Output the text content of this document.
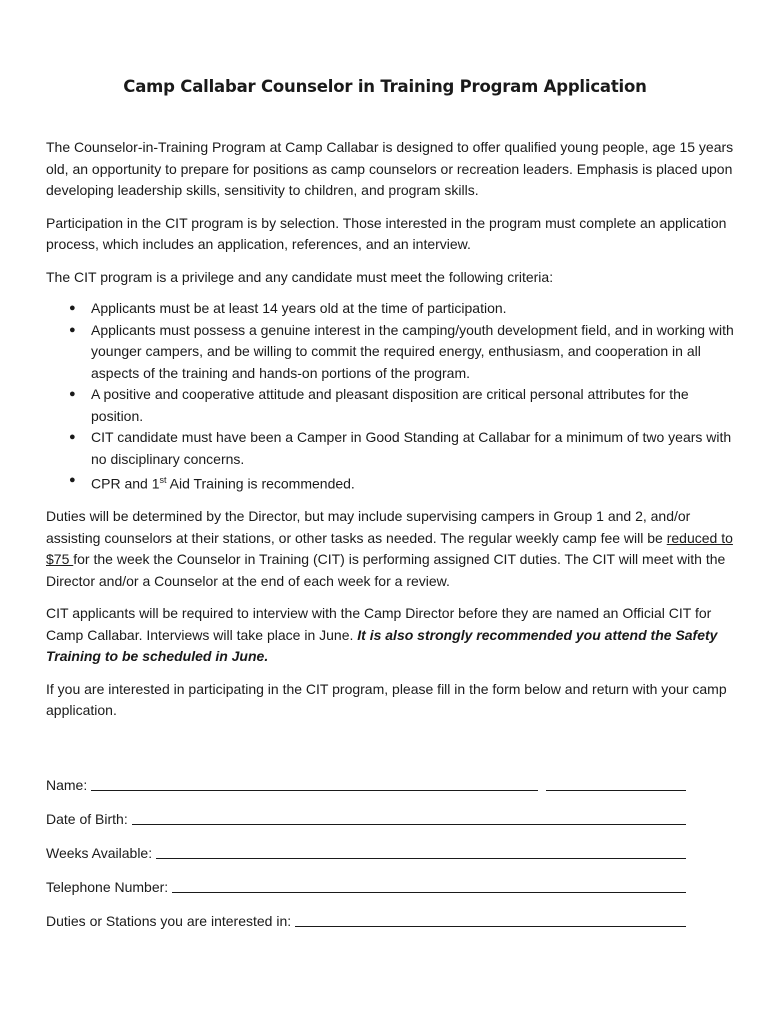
Camp Callabar Counselor in Training Program Application

The Counselor-in-Training Program at Camp Callabar is designed to offer qualified young people, age 15 years old, an opportunity to prepare for positions as camp counselors or recreation leaders. Emphasis is placed upon developing leadership skills, sensitivity to children, and program skills.

Participation in the CIT program is by selection. Those interested in the program must complete an application process, which includes an application, references, and an interview.

The CIT program is a privilege and any candidate must meet the following criteria:

● Applicants must be at least 14 years old at the time of participation.
● Applicants must possess a genuine interest in the camping/youth development field, and in working with younger campers, and be willing to commit the required energy, enthusiasm, and cooperation in all aspects of the training and hands-on portions of the program.
● A positive and cooperative attitude and pleasant disposition are critical personal attributes for the position.
● CIT candidate must have been a Camper in Good Standing at Callabar for a minimum of two years with no disciplinary concerns.
● CPR and 1st Aid Training is recommended.

Duties will be determined by the Director, but may include supervising campers in Group 1 and 2, and/or assisting counselors at their stations, or other tasks as needed. The regular weekly camp fee will be reduced to $75 for the week the Counselor in Training (CIT) is performing assigned CIT duties. The CIT will meet with the Director and/or a Counselor at the end of each week for a review.

CIT applicants will be required to interview with the Camp Director before they are named an Official CIT for Camp Callabar. Interviews will take place in June. It is also strongly recommended you attend the Safety Training to be scheduled in June.

If you are interested in participating in the CIT program, please fill in the form below and return with your camp application.

Name:
Date of Birth:
Weeks Available:
Telephone Number:
Duties or Stations you are interested in:
